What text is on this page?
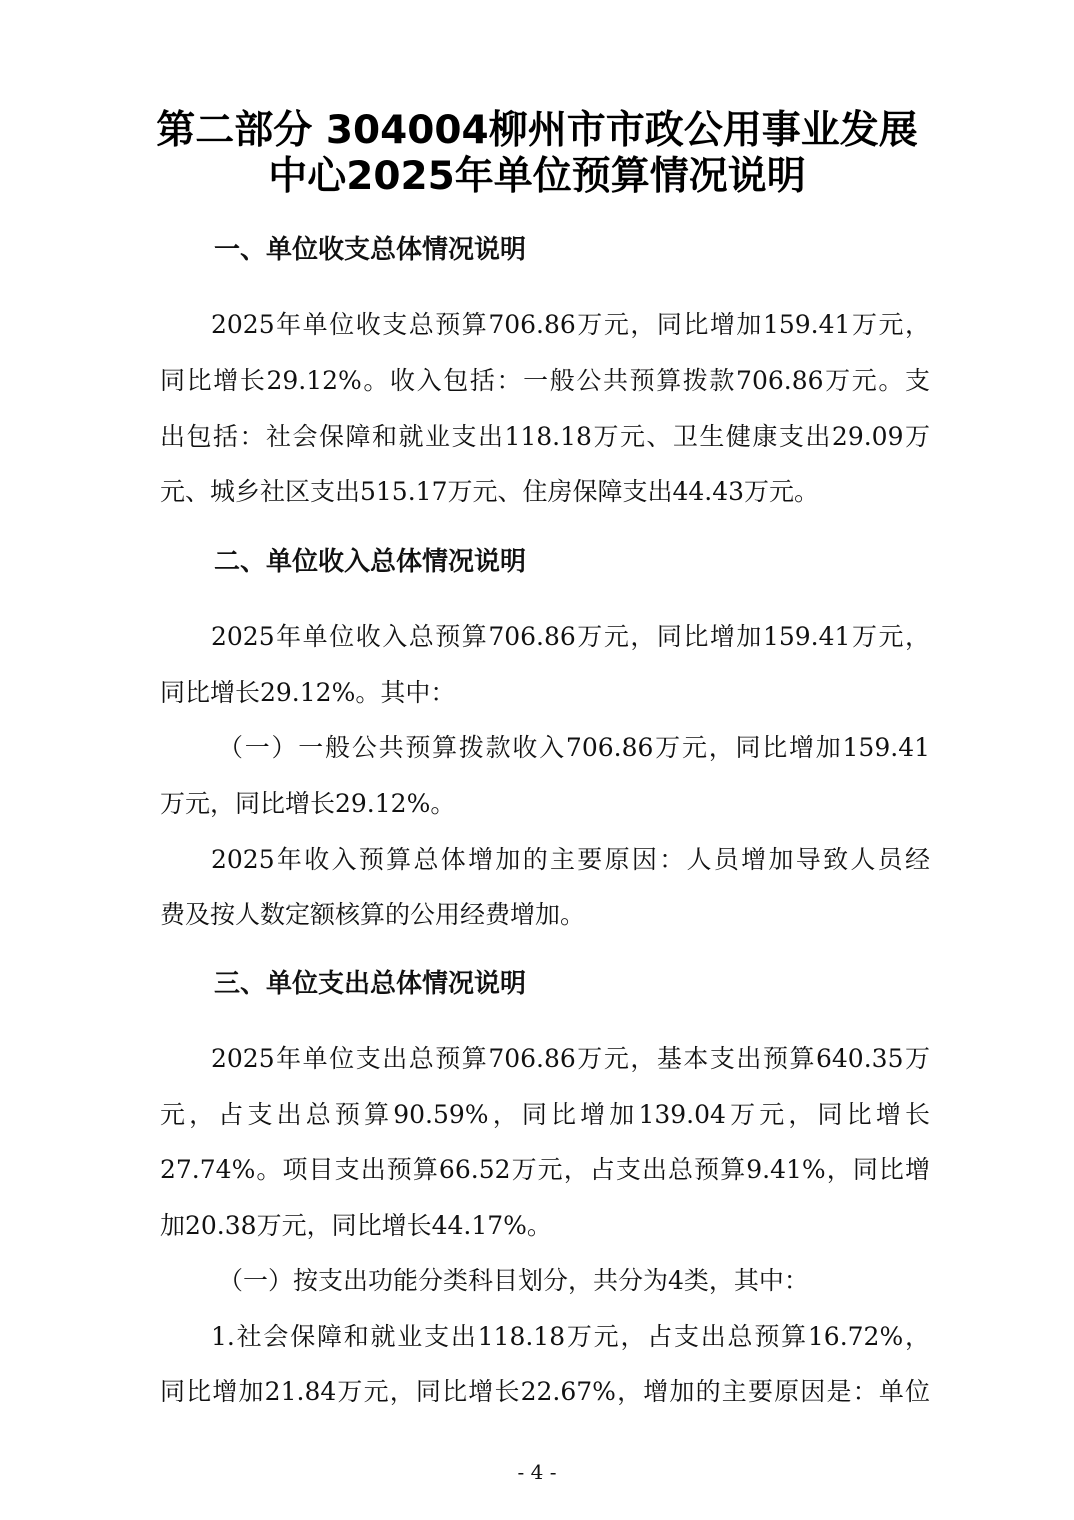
第二部分 304004柳州市市政公用事业发展
中心2025年单位预算情况说明
一、单位收支总体情况说明
2025年单位收支总预算706.86万元，同比增加159.41万元，
同比增长29.12%。收入包括：一般公共预算拨款706.86万元。支
出包括：社会保障和就业支出118.18万元、卫生健康支出29.09万
元、城乡社区支出515.17万元、住房保障支出44.43万元。
二、单位收入总体情况说明
2025年单位收入总预算706.86万元，同比增加159.41万元，
同比增长29.12%。其中：
（一）一般公共预算拨款收入706.86万元，同比增加159.41
万元，同比增长29.12%。
2025年收入预算总体增加的主要原因：人员增加导致人员经
费及按人数定额核算的公用经费增加。
三、单位支出总体情况说明
2025年单位支出总预算706.86万元，基本支出预算640.35万
元，占支出总预算90.59%，同比增加139.04万元，同比增长
27.74%。项目支出预算66.52万元，占支出总预算9.41%，同比增
加20.38万元，同比增长44.17%。
（一）按支出功能分类科目划分，共分为4类，其中：
1.社会保障和就业支出118.18万元，占支出总预算16.72%，
同比增加21.84万元，同比增长22.67%，增加的主要原因是：单位
- 4 -
